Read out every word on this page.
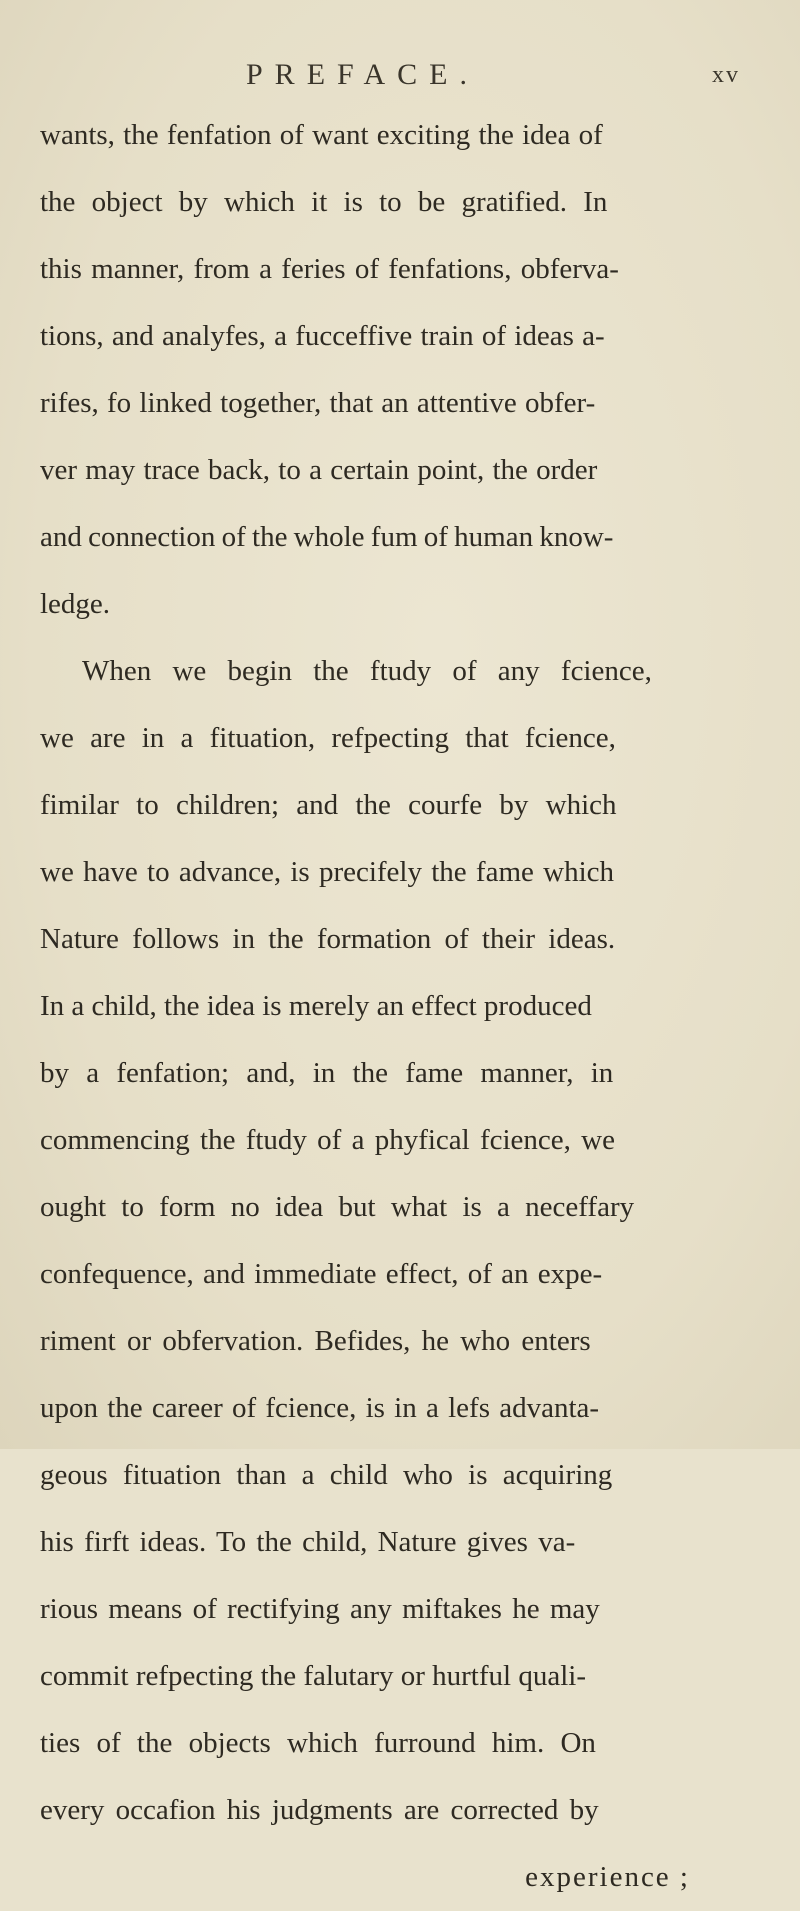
PREFACE.	xv
wants, the fenfation of want exciting the idea of
the object by which it is to be gratified. In
this manner, from a feries of fenfations, obferva-
tions, and analyfes, a fucceffive train of ideas a-
rifes, fo linked together, that an attentive obfer-
ver may trace back, to a certain point, the order
and connection of the whole fum of human know-
ledge.
When we begin the ftudy of any fcience,
we are in a fituation, refpecting that fcience,
fimilar to children; and the courfe by which
we have to advance, is precifely the fame which
Nature follows in the formation of their ideas.
In a child, the idea is merely an effect produced
by a fenfation; and, in the fame manner, in
commencing the ftudy of a phyfical fcience, we
ought to form no idea but what is a neceffary
confequence, and immediate effect, of an expe-
riment or obfervation. Befides, he who enters
upon the career of fcience, is in a lefs advanta-
geous fituation than a child who is acquiring
his firft ideas. To the child, Nature gives va-
rious means of rectifying any miftakes he may
commit refpecting the falutary or hurtful quali-
ties of the objects which furround him. On
every occafion his judgments are corrected by
experience ;
